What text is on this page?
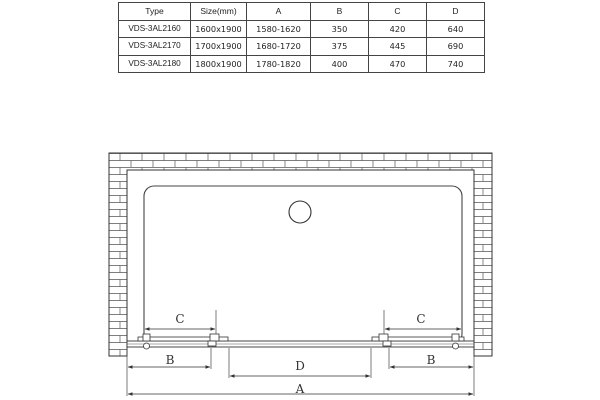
Type	Size(mm)	A	B	C	D
VDS-3AL2160	1600x1900	1580-1620	350	420	640
VDS-3AL2170	1700x1900	1680-1720	375	445	690
VDS-3AL2180	1800x1900	1780-1820	400	470	740
C	C
B	B
D
A
